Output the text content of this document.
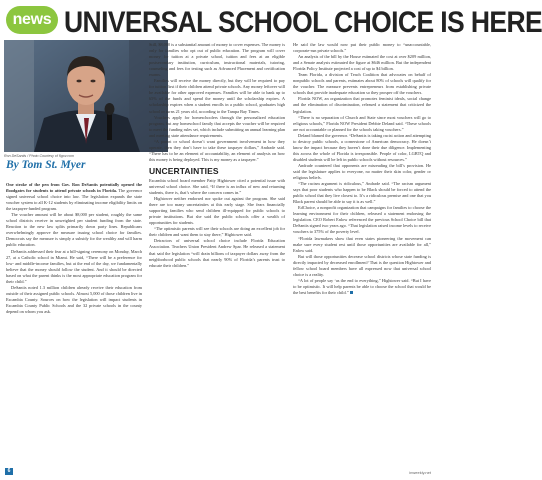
news UNIVERSAL SCHOOL CHOICE IS HERE
Ron DeSantis / Photo Courtesy of flgov.com
By Tom St. Myer

One stroke of the pen from Gov. Ron DeSantis potentially opened the floodgates for students to attend private schools in Florida. The governor signed universal school choice into law. The legislation expands the state voucher system to all K-12 students by eliminating income eligibility limits on the taxpayer-funded program.

The voucher amount will be about $8,000 per student, roughly the same school districts receive in unweighted per student funding from the state. Reaction to the new law splits primarily down party lines. Republicans overwhelmingly approve the measure issuing school choice for families. Democrats say the measure is simply a subsidy for the wealthy and will harm public education.

DeSantis addressed their fear at a bill-signing ceremony on Monday, March 27, at a Catholic school in Miami. He said, “There will be a preference for low- and middle-income families, but at the end of the day, we fundamentally believe that the money should follow the student. And it should be directed based on what the parent thinks is the most appropriate education program for their child.”

DeSantis noted 1.3 million children already receive their education from outside of their assigned public schools. Almost 5,000 of those children live in Escambia County. Sources on how the legislation will impact students in Escambia County Public Schools and the 32 private schools in the county depend on whom you ask.

Still, $8,000 is a substantial amount of money to cover expenses. The money is only for families who opt out of public education. The program will cover money for tuition at a private school, tuition and fees at an eligible postsecondary institution, curriculum, instructional materials, tutoring, counseling and fees for testing such as Advanced Placement and certification exams.

Families will receive the money directly, but they will be required to pay for tuition first if their children attend private schools. Any money leftover will be available for other approved expenses. Families will be able to bank up to 65% of the funds and spend the money until the scholarship expires. A scholarship expires when a student enrolls in a public school, graduates high school or turns 21 years old, according to the Tampa Bay Times.

Vouchers apply for homeschoolers through the personalized education program, but any homeschool family that accepts the voucher will be required to meet the funding rules set, which include submitting an annual learning plan and meeting state attendance requirements.

“A parent or school doesn’t want government involvement in how they operate, then they don’t have to take these taxpayer dollars,” Andrade said. “There has to be an element of accountability, an element of analysis on how this money is being deployed. This is my money as a taxpayer.”

UNCERTAINTIES

Escambia school board member Patty Hightower cited a potential issue with universal school choice. She said, “If there is an influx of new and returning students, there is, that’s where the concern comes in.”

Hightower neither endorsed nor spoke out against the program. She said there are too many uncertainties at this early stage. She fears financially supporting families who send children ill-equipped for public schools to private institutions. But she said the public schools offer a wealth of opportunities for students.

“The optimistic parents will see their schools are doing an excellent job for their children and want them to stay there,” Hightower said.

Detractors of universal school choice include Florida Education Association. Teachers Union President Andrew Spar. He released a statement that said the legislation “will drain billions of taxpayer dollars away from the neighborhood public schools that nearly 90% of Florida’s parents trust to educate their children.”

He said the law would now put their public money to “unaccountable, corporate-run private schools.”

An analysis of the bill by the House estimated the cost at over $209 million, and a Senate analysis estimated the figure at $646 million. But the independent Florida Policy Institute projected a cost of up to $4 billion.

Team Florida, a division of Teach Coalition that advocates on behalf of nonpublic schools and parents, estimates about 80% of schools will qualify for the voucher. The measure prevents entrepreneurs from establishing private schools that provide inadequate education so they prosper off the vouchers.

Florida NOW, an organization that promotes feminist ideals, social change and the elimination of discrimination, released a statement that criticized the legislation.

“There is no separation of Church and State since most vouchers will go to religious schools,” Florida NOW President Debbie Deland said. “These schools are not accountable or planned for the schools taking vouchers.”

Deland blamed the governor. “DeSantis is taking racist action and attempting to destroy public schools, a cornerstone of American democracy. He doesn’t know the impact because they haven’t done their due diligence. Implementing this across the whole of Florida is irresponsible. People of color, LGBTQ and disabled students will be left in public schools without resources.”

Andrade countered that opponents are misreading the bill’s provision. He said the legislature applies to everyone, no matter their skin color, gender or religious beliefs.

“The racism argument is ridiculous,” Andrade said. “The racism argument says that poor students who happen to be Black should be forced to attend the public school that they live closest to. It’s a ridiculous premise and one that you Black parent should be able to say it is as well.”

EdChoice, a nonprofit organization that campaigns for families to choose the learning environment for their children, released a statement endorsing the legislation. CEO Robert Enlow referenced the previous School Choice bill that DeSantis signed two years ago. “That legislation raised income levels to receive vouchers to 375% of the poverty level.

“Florida lawmakers show that even states pioneering the movement can make sure every student rest until those opportunities are available for all,” Enlow said.

But will those opportunities decrease school districts whose state funding is directly impacted by decreased enrollment? That is the question Hightower and fellow school board members have all expressed now that universal school choice is a reality.

“A lot of people say ‘as the end to everything,” Hightower said. “But I have to be optimistic. It will help parents be able to choose the school that would be the best benefits for their child.”

6	inweekly.net
